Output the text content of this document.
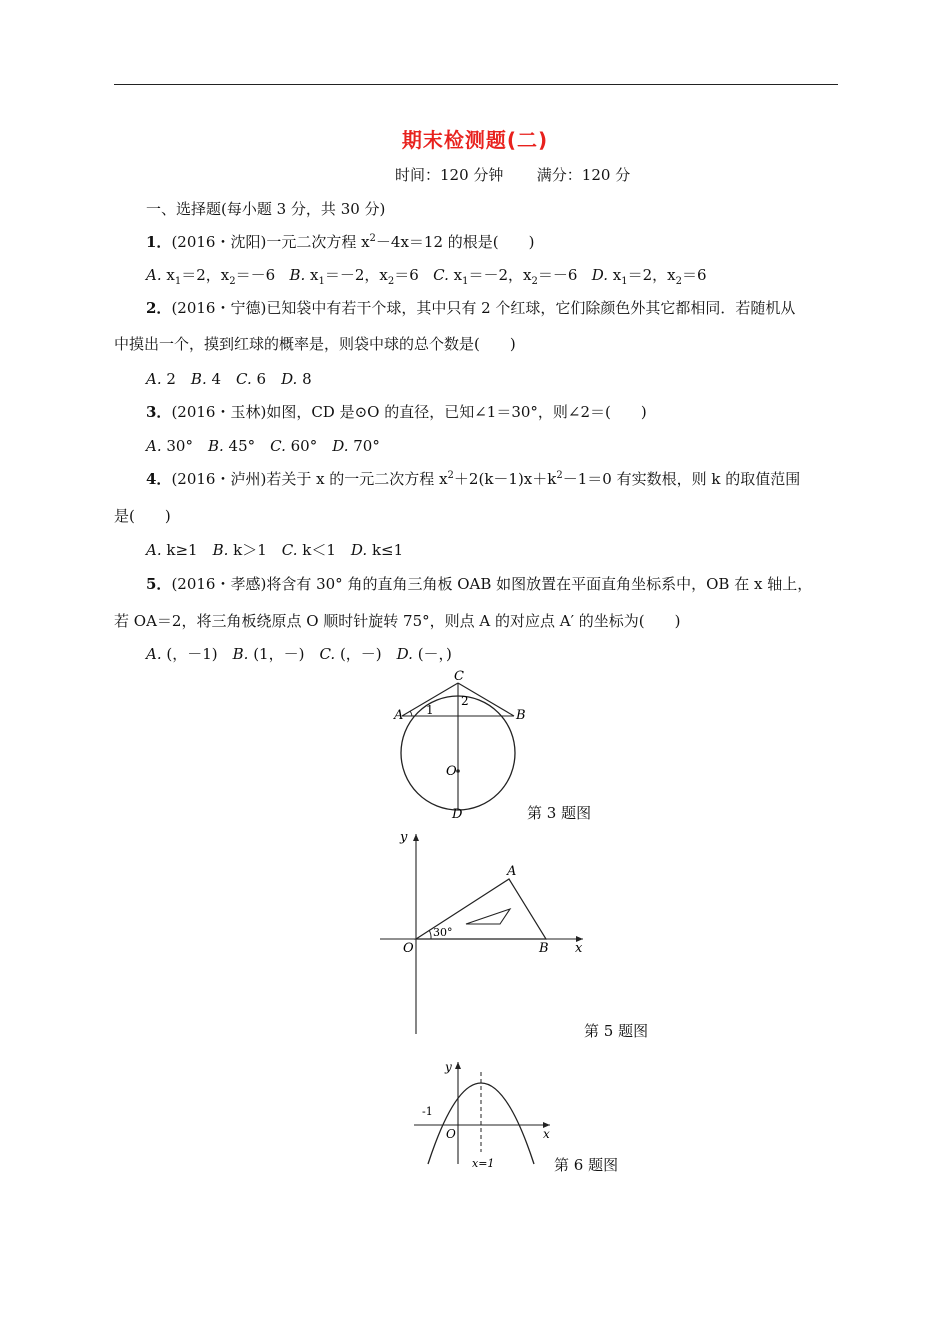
期末检测题(二)
时间：120 分钟 满分：120 分
一、选择题(每小题 3 分，共 30 分)
1．(2016・沈阳)一元二次方程 $x^2-4x=12$ 的根是(　　)
A. $x_1=2$，$x_2=-6$ B. $x_1=-2$，$x_2=6$ C. $x_1=-2$，$x_2=-6$ D. $x_1=2$，$x_2=6$
2．(2016・宁德)已知袋中有若干个球，其中只有 2 个红球，它们除颜色外其它都相同．若随机从
中摸出一个，摸到红球的概率是，则袋中球的总个数是(　　)
A. 2　B. 4　C. 6　D. 8
3．(2016・玉林)如图，CD 是⊙O 的直径，已知∠1＝30°，则∠2＝(　　)
A. 30°　B. 45°　C. 60°　D. 70°
4．(2016・泸州)若关于 x 的一元二次方程 $x^2+2(k-1)x+k^2-1=0$ 有实数根，则 k 的取值范围
是(　　)
A. k≥1　B. k＞1　C. k＜1　D. k≤1
5．(2016・孝感)将含有 30° 角的直角三角板 OAB 如图放置在平面直角坐标系中，OB 在 x 轴上，
若 OA＝2，将三角板绕原点 O 顺时针旋转 75°，则点 A 的对应点 A′ 的坐标为(　　)
A. (，－1)　B. (1，－)　C. (，－)　D. (－，)
C
A	B
O
D
1
2
第 3 题图
y
x
O
A
B
30°
第 5 题图
y
x
O
-1
x=1	第 6 题图
